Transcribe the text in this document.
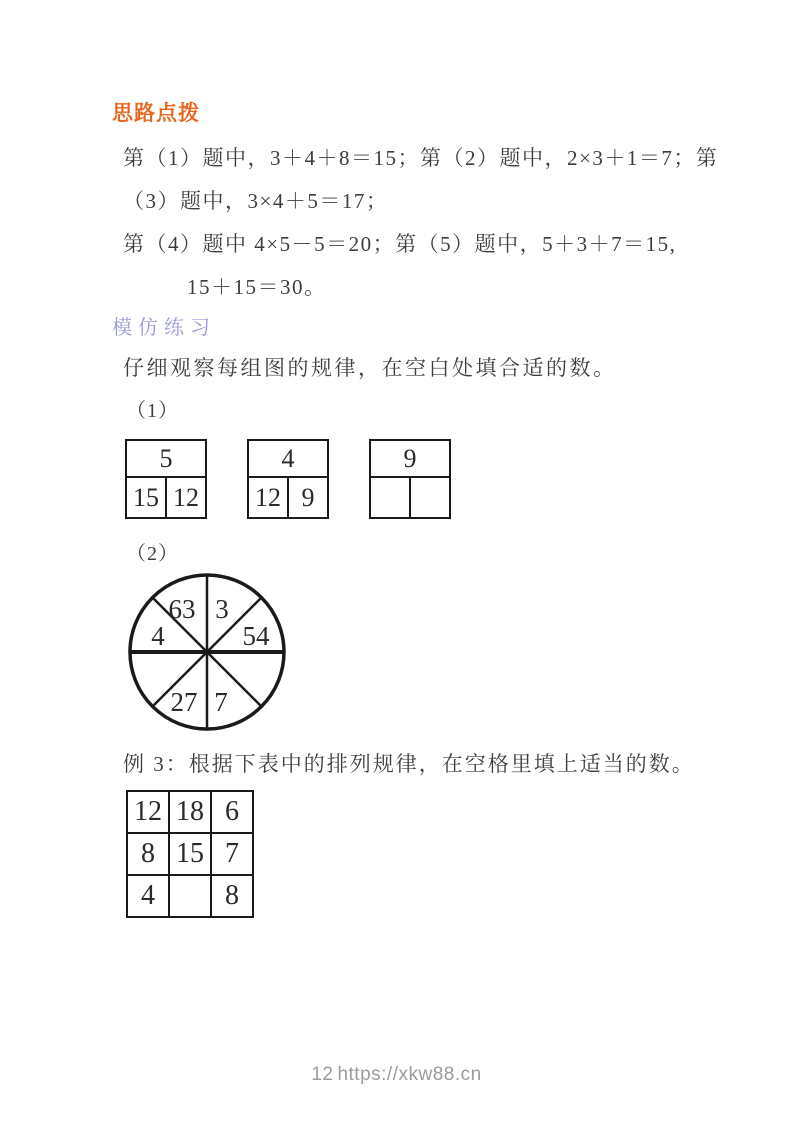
思路点拨
第（1）题中，3＋4＋8＝15；第（2）题中，2×3＋1＝7；第
（3）题中，3×4＋5＝17；
第（4）题中 4×5－5＝20；第（5）题中，5＋3＋7＝15,
15＋15＝30。
模仿练习
仔细观察每组图的规律，在空白处填合适的数。
（1）
5
15 12
4
12 9
9
（2）
63 3
4	54
27 7
例 3：根据下表中的排列规律，在空格里填上适当的数。
12	18	6
8	15	7
4		8
12 https://xkw88.cn
